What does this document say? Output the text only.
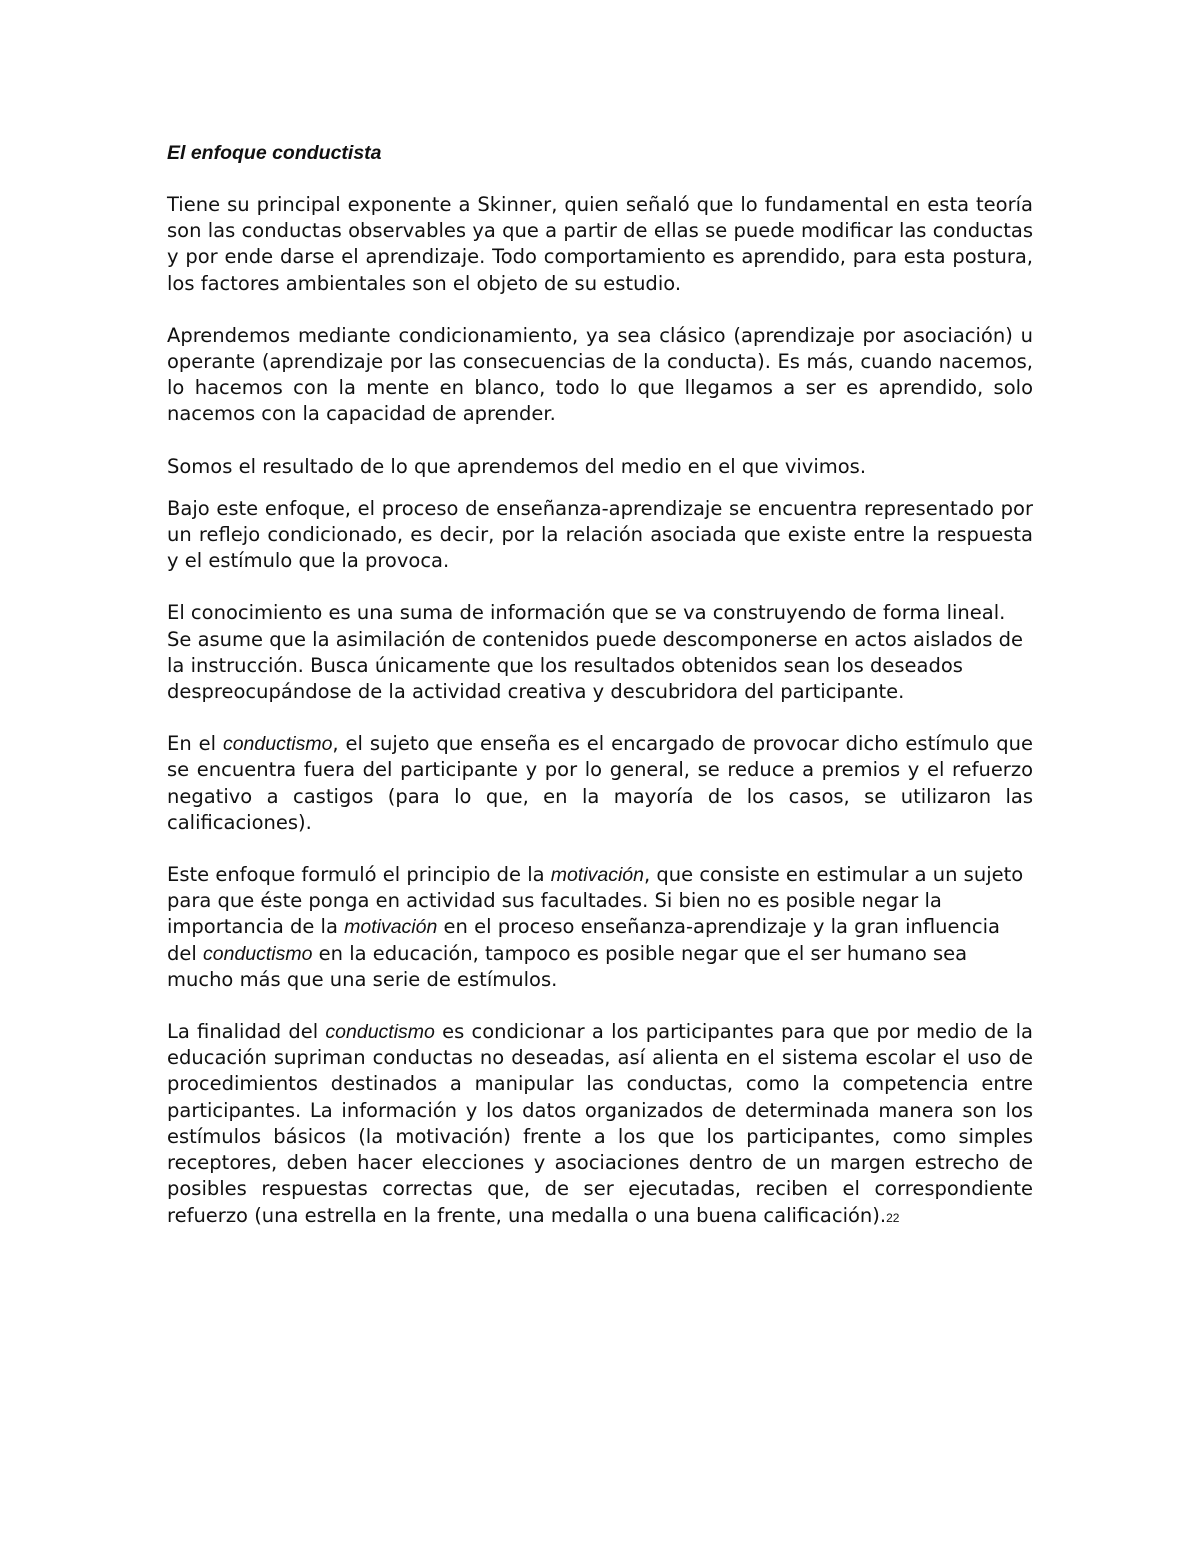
El enfoque conductista

Tiene su principal exponente a Skinner, quien señaló que lo fundamental en esta teoría son las conductas observables ya que a partir de ellas se puede modificar las conductas y por ende darse el aprendizaje. Todo comportamiento es aprendido, para esta postura, los factores ambientales son el objeto de su estudio.

Aprendemos mediante condicionamiento, ya sea clásico (aprendizaje por asociación) u operante (aprendizaje por las consecuencias de la conducta). Es más, cuando nacemos, lo hacemos con la mente en blanco, todo lo que llegamos a ser es aprendido, solo nacemos con la capacidad de aprender.

Somos el resultado de lo que aprendemos del medio en el que vivimos.

Bajo este enfoque, el proceso de enseñanza-aprendizaje se encuentra representado por un reflejo condicionado, es decir, por la relación asociada que existe entre la respuesta y el estímulo que la provoca.

El conocimiento es una suma de información que se va construyendo de forma lineal. Se asume que la asimilación de contenidos puede descomponerse en actos aislados de la instrucción. Busca únicamente que los resultados obtenidos sean los deseados despreocupándose de la actividad creativa y descubridora del participante.

En el conductismo, el sujeto que enseña es el encargado de provocar dicho estímulo que se encuentra fuera del participante y por lo general, se reduce a premios y el refuerzo negativo a castigos (para lo que, en la mayoría de los casos, se utilizaron las calificaciones).

Este enfoque formuló el principio de la motivación, que consiste en estimular a un sujeto para que éste ponga en actividad sus facultades. Si bien no es posible negar la importancia de la motivación en el proceso enseñanza-aprendizaje y la gran influencia del conductismo en la educación, tampoco es posible negar que el ser humano sea mucho más que una serie de estímulos.

La finalidad del conductismo es condicionar a los participantes para que por medio de la educación supriman conductas no deseadas, así alienta en el sistema escolar el uso de procedimientos destinados a manipular las conductas, como la competencia entre participantes. La información y los datos organizados de determinada manera son los estímulos básicos (la motivación) frente a los que los participantes, como simples receptores, deben hacer elecciones y asociaciones dentro de un margen estrecho de posibles respuestas correctas que, de ser ejecutadas, reciben el correspondiente refuerzo (una estrella en la frente, una medalla o una buena calificación).22
